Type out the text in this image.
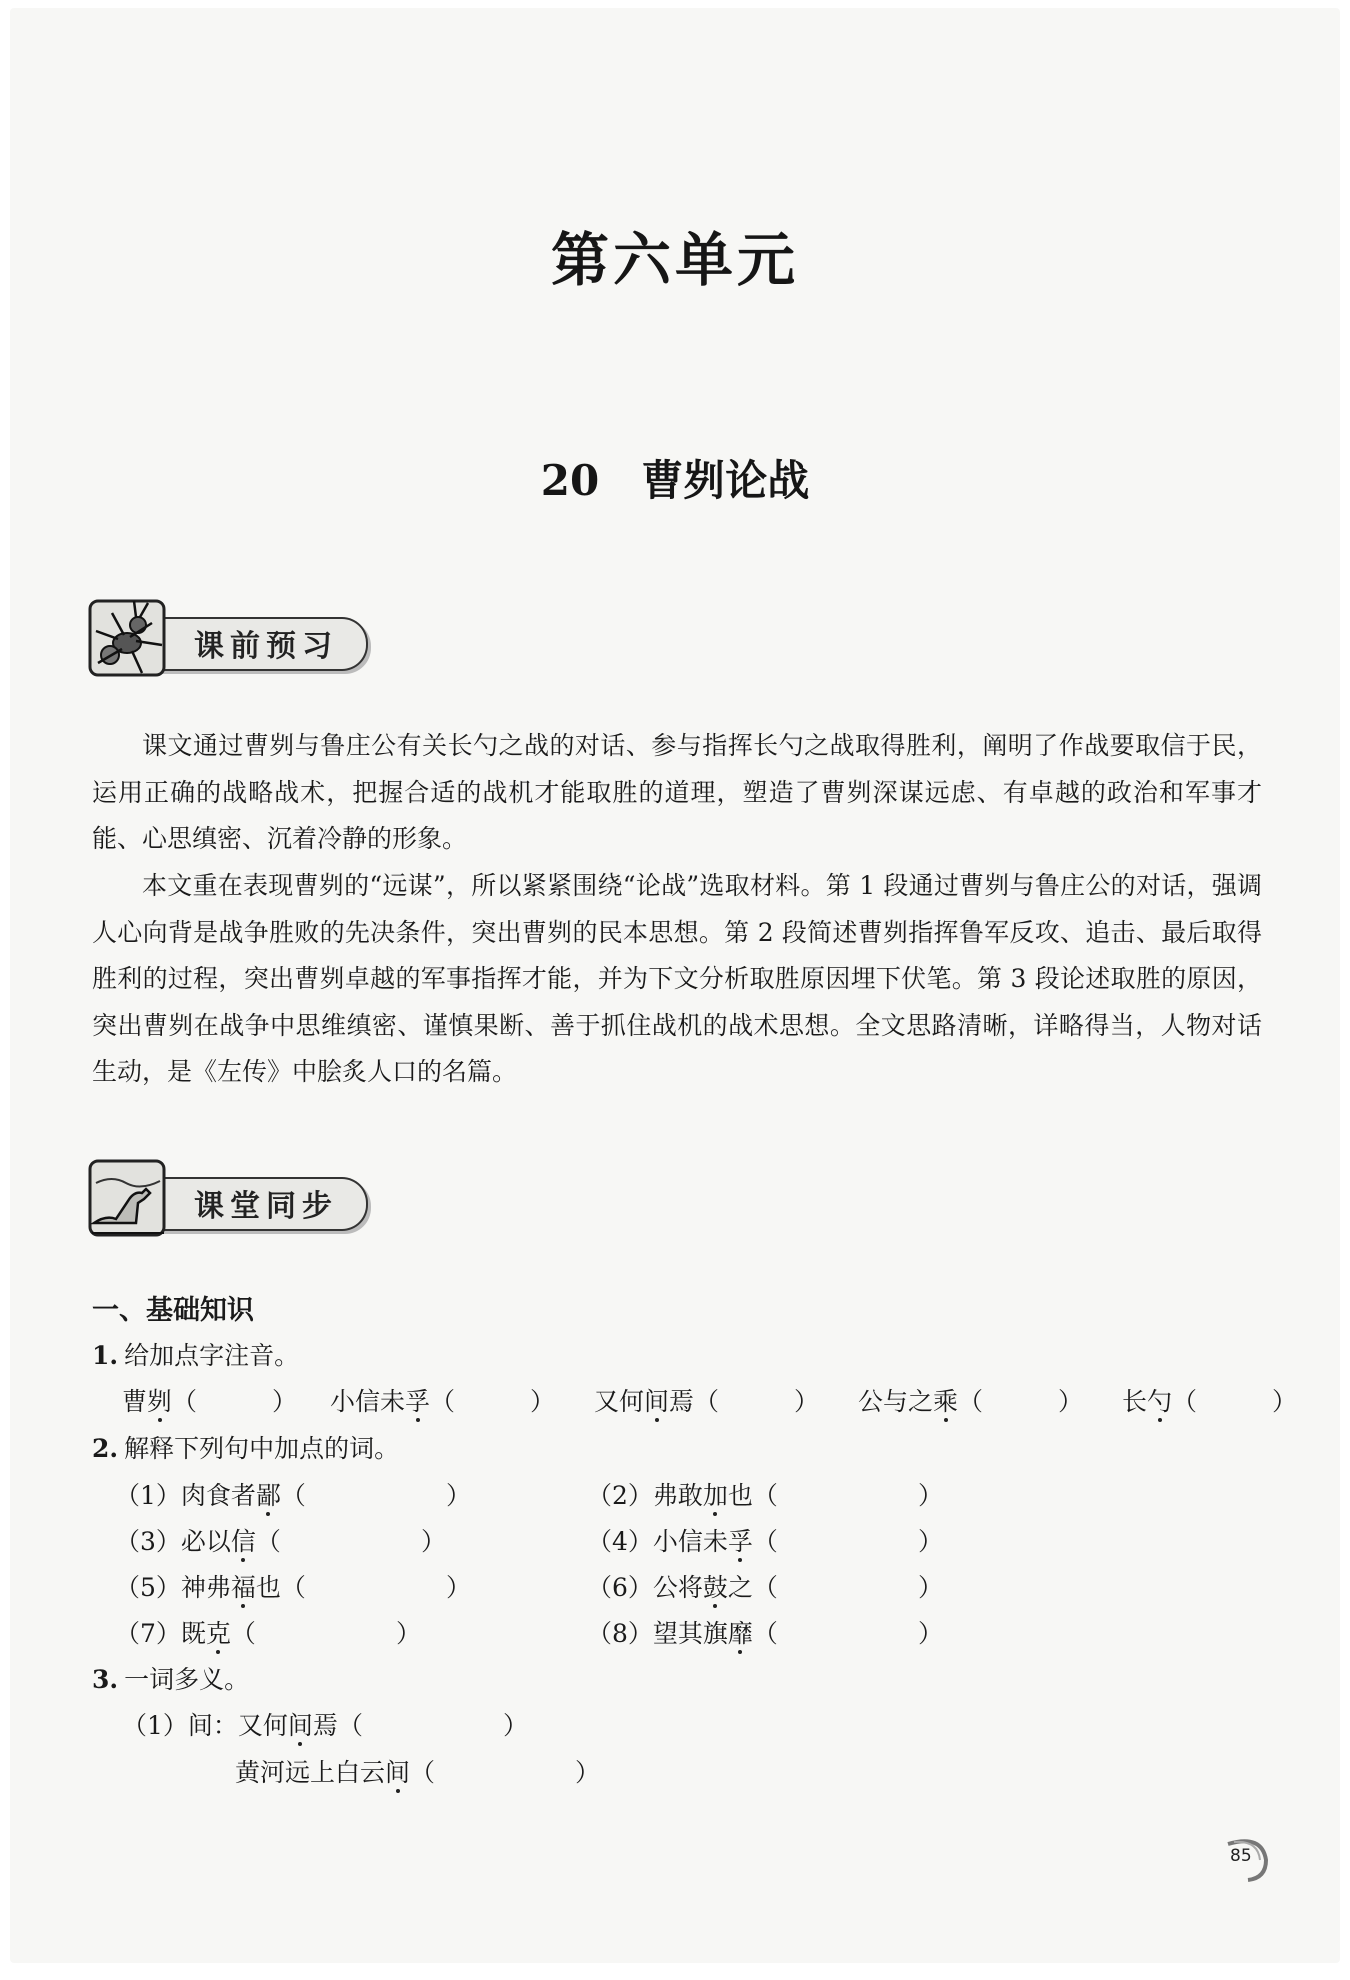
第六单元
20 曹刿论战
课前预习

课文通过曹刿与鲁庄公有关长勺之战的对话、参与指挥长勺之战取得胜利，阐明了作战要取信于民，运用正确的战略战术，把握合适的战机才能取胜的道理，塑造了曹刿深谋远虑、有卓越的政治和军事才能、心思缜密、沉着冷静的形象。

本文重在表现曹刿的“远谋”，所以紧紧围绕“论战”选取材料。第 1 段通过曹刿与鲁庄公的对话，强调人心向背是战争胜败的先决条件，突出曹刿的民本思想。第 2 段简述曹刿指挥鲁军反攻、追击、最后取得胜利的过程，突出曹刿卓越的军事指挥才能，并为下文分析取胜原因埋下伏笔。第 3 段论述取胜的原因，突出曹刿在战争中思维缜密、谨慎果断、善于抓住战机的战术思想。全文思路清晰，详略得当，人物对话生动，是《左传》中脍炙人口的名篇。

课堂同步
一、基础知识
1. 给加点字注音。
曹刿（　　　） 小信未孚（　　　） 又何间焉（　　　） 公与之乘（　　　） 长勺（　　　）
2. 解释下列句中加点的词。
（1）肉食者鄙（	）	（2）弗敢加也（	）
（3）必以信（	）	（4）小信未孚（	）
（5）神弗福也（	）	（6）公将鼓之（	）
（7）既克（	）	（8）望其旗靡（	）
3. 一词多义。
（1）间：又何间焉（	）
黄河远上白云间（	）
85
